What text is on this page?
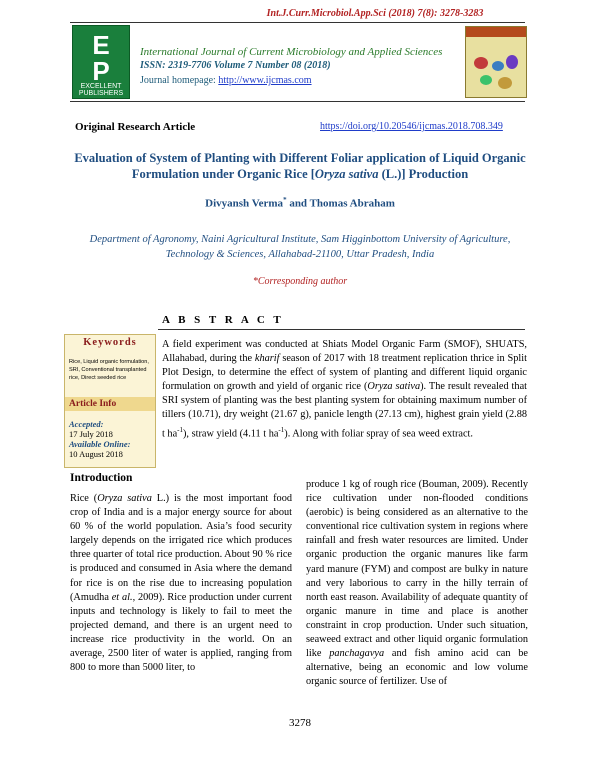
Int.J.Curr.Microbiol.App.Sci (2018) 7(8): 3278-3283
E
P
EXCELLENT
PUBLISHERS
International Journal of Current Microbiology and Applied Sciences
ISSN: 2319-7706 Volume 7 Number 08 (2018)
Journal homepage: http://www.ijcmas.com
Original Research Article	https://doi.org/10.20546/ijcmas.2018.708.349
Evaluation of System of Planting with Different Foliar application of Liquid Organic Formulation under Organic Rice [Oryza sativa (L.)] Production
Divyansh Verma* and Thomas Abraham
Department of Agronomy, Naini Agricultural Institute, Sam Higginbottom University of Agriculture, Technology & Sciences, Allahabad-21100, Uttar Pradesh, India
*Corresponding author
A B S T R A C T
Keywords
Rice, Liquid organic formulation, SRI, Conventional transplanted rice, Direct seeded rice
Article Info
Accepted:
17 July 2018
Available Online:
10 August 2018
A field experiment was conducted at Shiats Model Organic Farm (SMOF), SHUATS, Allahabad, during the kharif season of 2017 with 18 treatment replication thrice in Split Plot Design, to determine the effect of system of planting and different liquid organic formulation on growth and yield of organic rice (Oryza sativa). The result revealed that SRI system of planting was the best planting system for obtaining maximum number of tillers (10.71), dry weight (21.67 g), panicle length (27.13 cm), highest grain yield (2.88 t $ha^{-1}$), straw yield (4.11 t $ha^{-1}$). Along with foliar spray of sea weed extract.
Introduction

Rice (Oryza sativa L.) is the most important food crop of India and is a major energy source for about 60 % of the world population. Asia’s food security largely depends on the irrigated rice which produces three quarter of total rice production. About 90 % rice is produced and consumed in Asia where the demand for rice is on the rise due to increasing population (Amudha et al., 2009). Rice production under current inputs and technology is likely to fail to meet the projected demand, and there is an urgent need to increase rice productivity in the world. On an average, 2500 liter of water is applied, ranging from 800 to more than 5000 liter, to

produce 1 kg of rough rice (Bouman, 2009). Recently rice cultivation under non-flooded conditions (aerobic) is being considered as an alternative to the conventional rice cultivation system in regions where rainfall and fresh water resources are limited. Under organic production the organic manures like farm yard manure (FYM) and compost are bulky in nature and very laborious to carry in the hilly terrain of north east reason. Availability of adequate quantity of organic manure in time and place is another constraint in crop production. Under such situation, seaweed extract and other liquid organic formulation like panchagavya and fish amino acid can be alternative, being an economic and low volume organic source of fertilizer. Use of

3278
